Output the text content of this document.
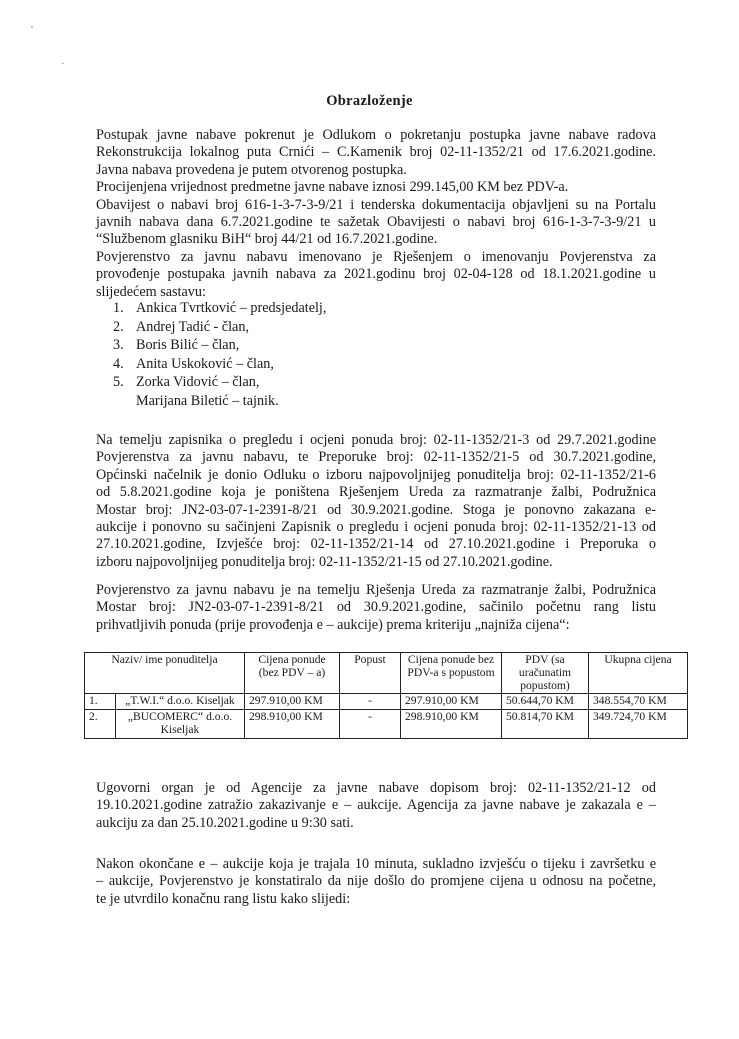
'
·
Obrazloženje
Postupak javne nabave pokrenut je Odlukom o pokretanju postupka javne nabave radova
Rekonstrukcija lokalnog puta Crnići – C.Kamenik broj 02-11-1352/21 od 17.6.2021.godine.
Javna nabava provedena je putem otvorenog postupka.
Procijenjena vrijednost predmetne javne nabave iznosi 299.145,00 KM bez PDV-a.
Obavijest o nabavi broj 616-1-3-7-3-9/21 i tenderska dokumentacija objavljeni su na Portalu
javnih nabava dana 6.7.2021.godine te sažetak Obavijesti o nabavi broj 616-1-3-7-3-9/21 u
“Službenom glasniku BiH“ broj 44/21 od 16.7.2021.godine.
Povjerenstvo za javnu nabavu imenovano je Rješenjem o imenovanju Povjerenstva za
provođenje postupaka javnih nabava za 2021.godinu broj 02-04-128 od 18.1.2021.godine u
slijedećem sastavu:
1. Ankica Tvrtković – predsjedatelj,
2. Andrej Tadić - član,
3. Boris Bilić – član,
4. Anita Uskoković – član,
5. Zorka Vidović – član,
Marijana Biletić – tajnik.
Na temelju zapisnika o pregledu i ocjeni ponuda broj: 02-11-1352/21-3 od 29.7.2021.godine
Povjerenstva za javnu nabavu, te Preporuke broj: 02-11-1352/21-5 od 30.7.2021.godine,
Općinski načelnik je donio Odluku o izboru najpovoljnijeg ponuditelja broj: 02-11-1352/21-6
od 5.8.2021.godine koja je poništena Rješenjem Ureda za razmatranje žalbi, Podružnica
Mostar broj: JN2-03-07-1-2391-8/21 od 30.9.2021.godine. Stoga je ponovno zakazana e-
aukcije i ponovno su sačinjeni Zapisnik o pregledu i ocjeni ponuda broj: 02-11-1352/21-13 od
27.10.2021.godine, Izvješće broj: 02-11-1352/21-14 od 27.10.2021.godine i Preporuka o
izboru najpovoljnijeg ponuditelja broj: 02-11-1352/21-15 od 27.10.2021.godine.
Povjerenstvo za javnu nabavu je na temelju Rješenja Ureda za razmatranje žalbi, Podružnica
Mostar broj: JN2-03-07-1-2391-8/21 od 30.9.2021.godine, sačinilo početnu rang listu
prihvatljivih ponuda (prije provođenja e – aukcije) prema kriteriju „najniža cijena“:
Naziv/ ime ponuditelja		Cijena ponude (bez PDV – a)	Popust	Cijena ponude bez PDV-a s popustom	PDV (sa uračunatim popustom)	Ukupna cijena
1.	„T.W.I.“ d.o.o. Kiseljak	297.910,00 KM	-	297.910,00 KM	50.644,70 KM	348.554,70 KM
2.	„BUCOMERC“ d.o.o. Kiseljak	298.910,00 KM	-	298.910,00 KM	50.814,70 KM	349.724,70 KM
Ugovorni organ je od Agencije za javne nabave dopisom broj: 02-11-1352/21-12 od
19.10.2021.godine zatražio zakazivanje e – aukcije. Agencija za javne nabave je zakazala e –
aukciju za dan 25.10.2021.godine u 9:30 sati.
Nakon okončane e – aukcije koja je trajala 10 minuta, sukladno izvješću o tijeku i završetku e
– aukcije, Povjerenstvo je konstatiralo da nije došlo do promjene cijena u odnosu na početne,
te je utvrdilo konačnu rang listu kako slijedi:
